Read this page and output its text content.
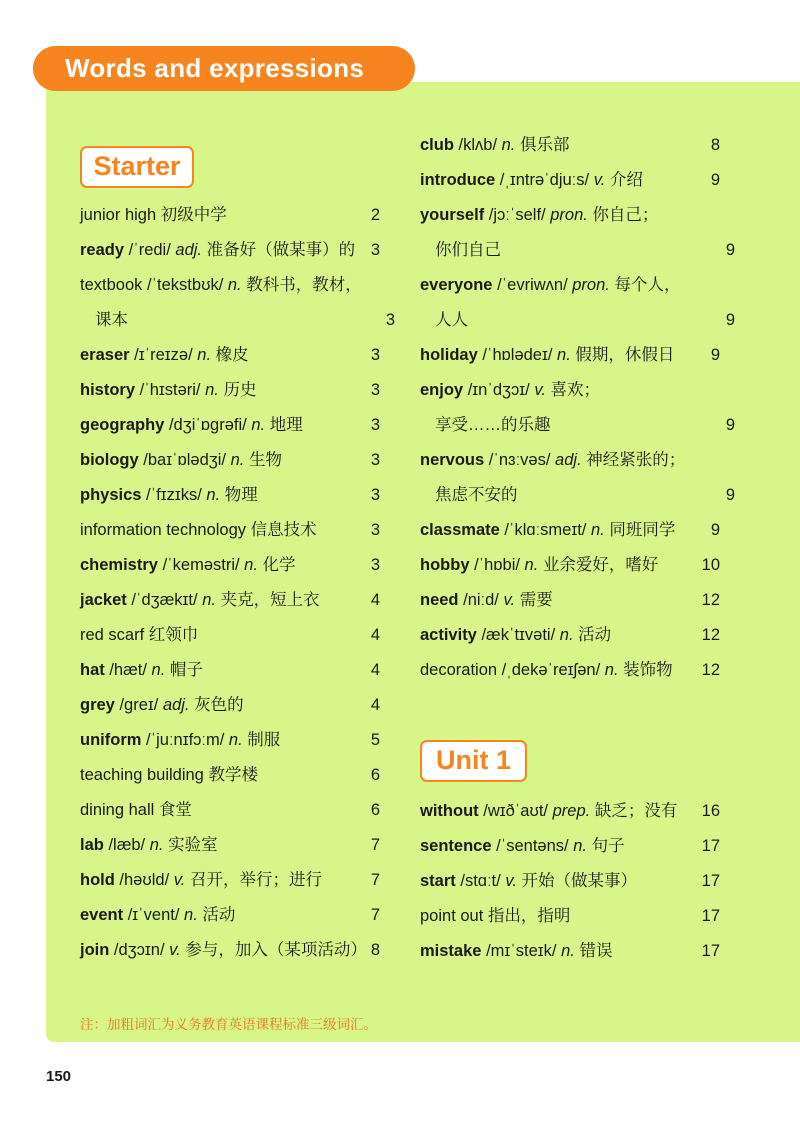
Words and expressions
Starter
Unit 1
junior high 初级中学	2
ready /ˈredi/ adj. 准备好（做某事）的 3
textbook /ˈtekstbʊk/ n. 教科书，教材，
课本	3
eraser /ɪˈreɪzə/ n. 橡皮	3
history /ˈhɪstəri/ n. 历史	3
geography /dʒiˈɒɡrəfi/ n. 地理	3
biology /baɪˈɒlədʒi/ n. 生物	3
physics /ˈfɪzɪks/ n. 物理	3
information technology 信息技术	3
chemistry /ˈkeməstri/ n. 化学	3
jacket /ˈdʒækɪt/ n. 夹克，短上衣	4
red scarf 红领巾	4
hat /hæt/ n. 帽子	4
grey /ɡreɪ/ adj. 灰色的	4
uniform /ˈjuːnɪfɔːm/ n. 制服	5
teaching building 教学楼	6
dining hall 食堂	6
lab /læb/ n. 实验室	7
hold /həʊld/ v. 召开，举行；进行	7
event /ɪˈvent/ n. 活动	7
join /dʒɔɪn/ v. 参与，加入（某项活动） 8
club /klʌb/ n. 俱乐部	8
introduce /ˌɪntrəˈdjuːs/ v. 介绍	9
yourself /jɔːˈself/ pron. 你自己；
你们自己	9
everyone /ˈevriwʌn/ pron. 每个人，
人人	9
holiday /ˈhɒlədeɪ/ n. 假期，休假日	9
enjoy /ɪnˈdʒɔɪ/ v. 喜欢；
享受……的乐趣	9
nervous /ˈnɜːvəs/ adj. 神经紧张的；
焦虑不安的	9
classmate /ˈklɑːsmeɪt/ n. 同班同学	9
hobby /ˈhɒbi/ n. 业余爱好，嗜好	10
need /niːd/ v. 需要	12
activity /ækˈtɪvəti/ n. 活动	12
decoration /ˌdekəˈreɪʃən/ n. 装饰物	12
without /wɪðˈaʊt/ prep. 缺乏；没有	16
sentence /ˈsentəns/ n. 句子	17
start /stɑːt/ v. 开始（做某事）	17
point out 指出，指明	17
mistake /mɪˈsteɪk/ n. 错误	17
注：加粗词汇为义务教育英语课程标准三级词汇。
150
